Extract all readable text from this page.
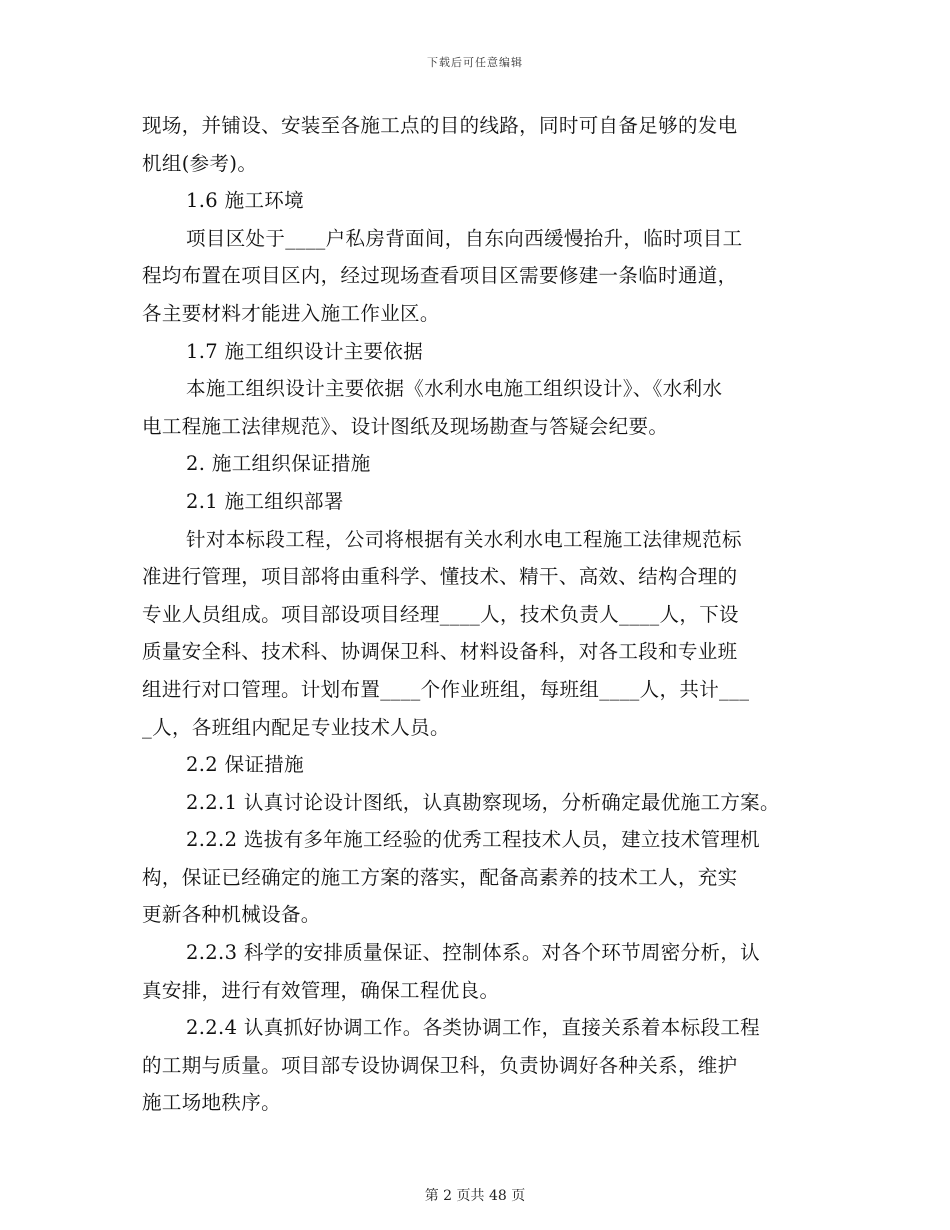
下载后可任意编辑
现场，并铺设、安装至各施工点的目的线路，同时可自备足够的发电
机组(参考)。
1.6 施工环境
项目区处于____户私房背面间，自东向西缓慢抬升，临时项目工
程均布置在项目区内，经过现场查看项目区需要修建一条临时通道，
各主要材料才能进入施工作业区。
1.7 施工组织设计主要依据
本施工组织设计主要依据《水利水电施工组织设计》、《水利水
电工程施工法律规范》、设计图纸及现场勘查与答疑会纪要。
2. 施工组织保证措施
2.1 施工组织部署
针对本标段工程，公司将根据有关水利水电工程施工法律规范标
准进行管理，项目部将由重科学、懂技术、精干、高效、结构合理的
专业人员组成。项目部设项目经理____人，技术负责人____人，下设
质量安全科、技术科、协调保卫科、材料设备科，对各工段和专业班
组进行对口管理。计划布置____个作业班组，每班组____人，共计___
_人，各班组内配足专业技术人员。
2.2 保证措施
2.2.1 认真讨论设计图纸，认真勘察现场，分析确定最优施工方案。
2.2.2 选拔有多年施工经验的优秀工程技术人员，建立技术管理机
构，保证已经确定的施工方案的落实，配备高素养的技术工人，充实
更新各种机械设备。
2.2.3 科学的安排质量保证、控制体系。对各个环节周密分析，认
真安排，进行有效管理，确保工程优良。
2.2.4 认真抓好协调工作。各类协调工作，直接关系着本标段工程
的工期与质量。项目部专设协调保卫科，负责协调好各种关系，维护
施工场地秩序。
第 2 页共 48 页
